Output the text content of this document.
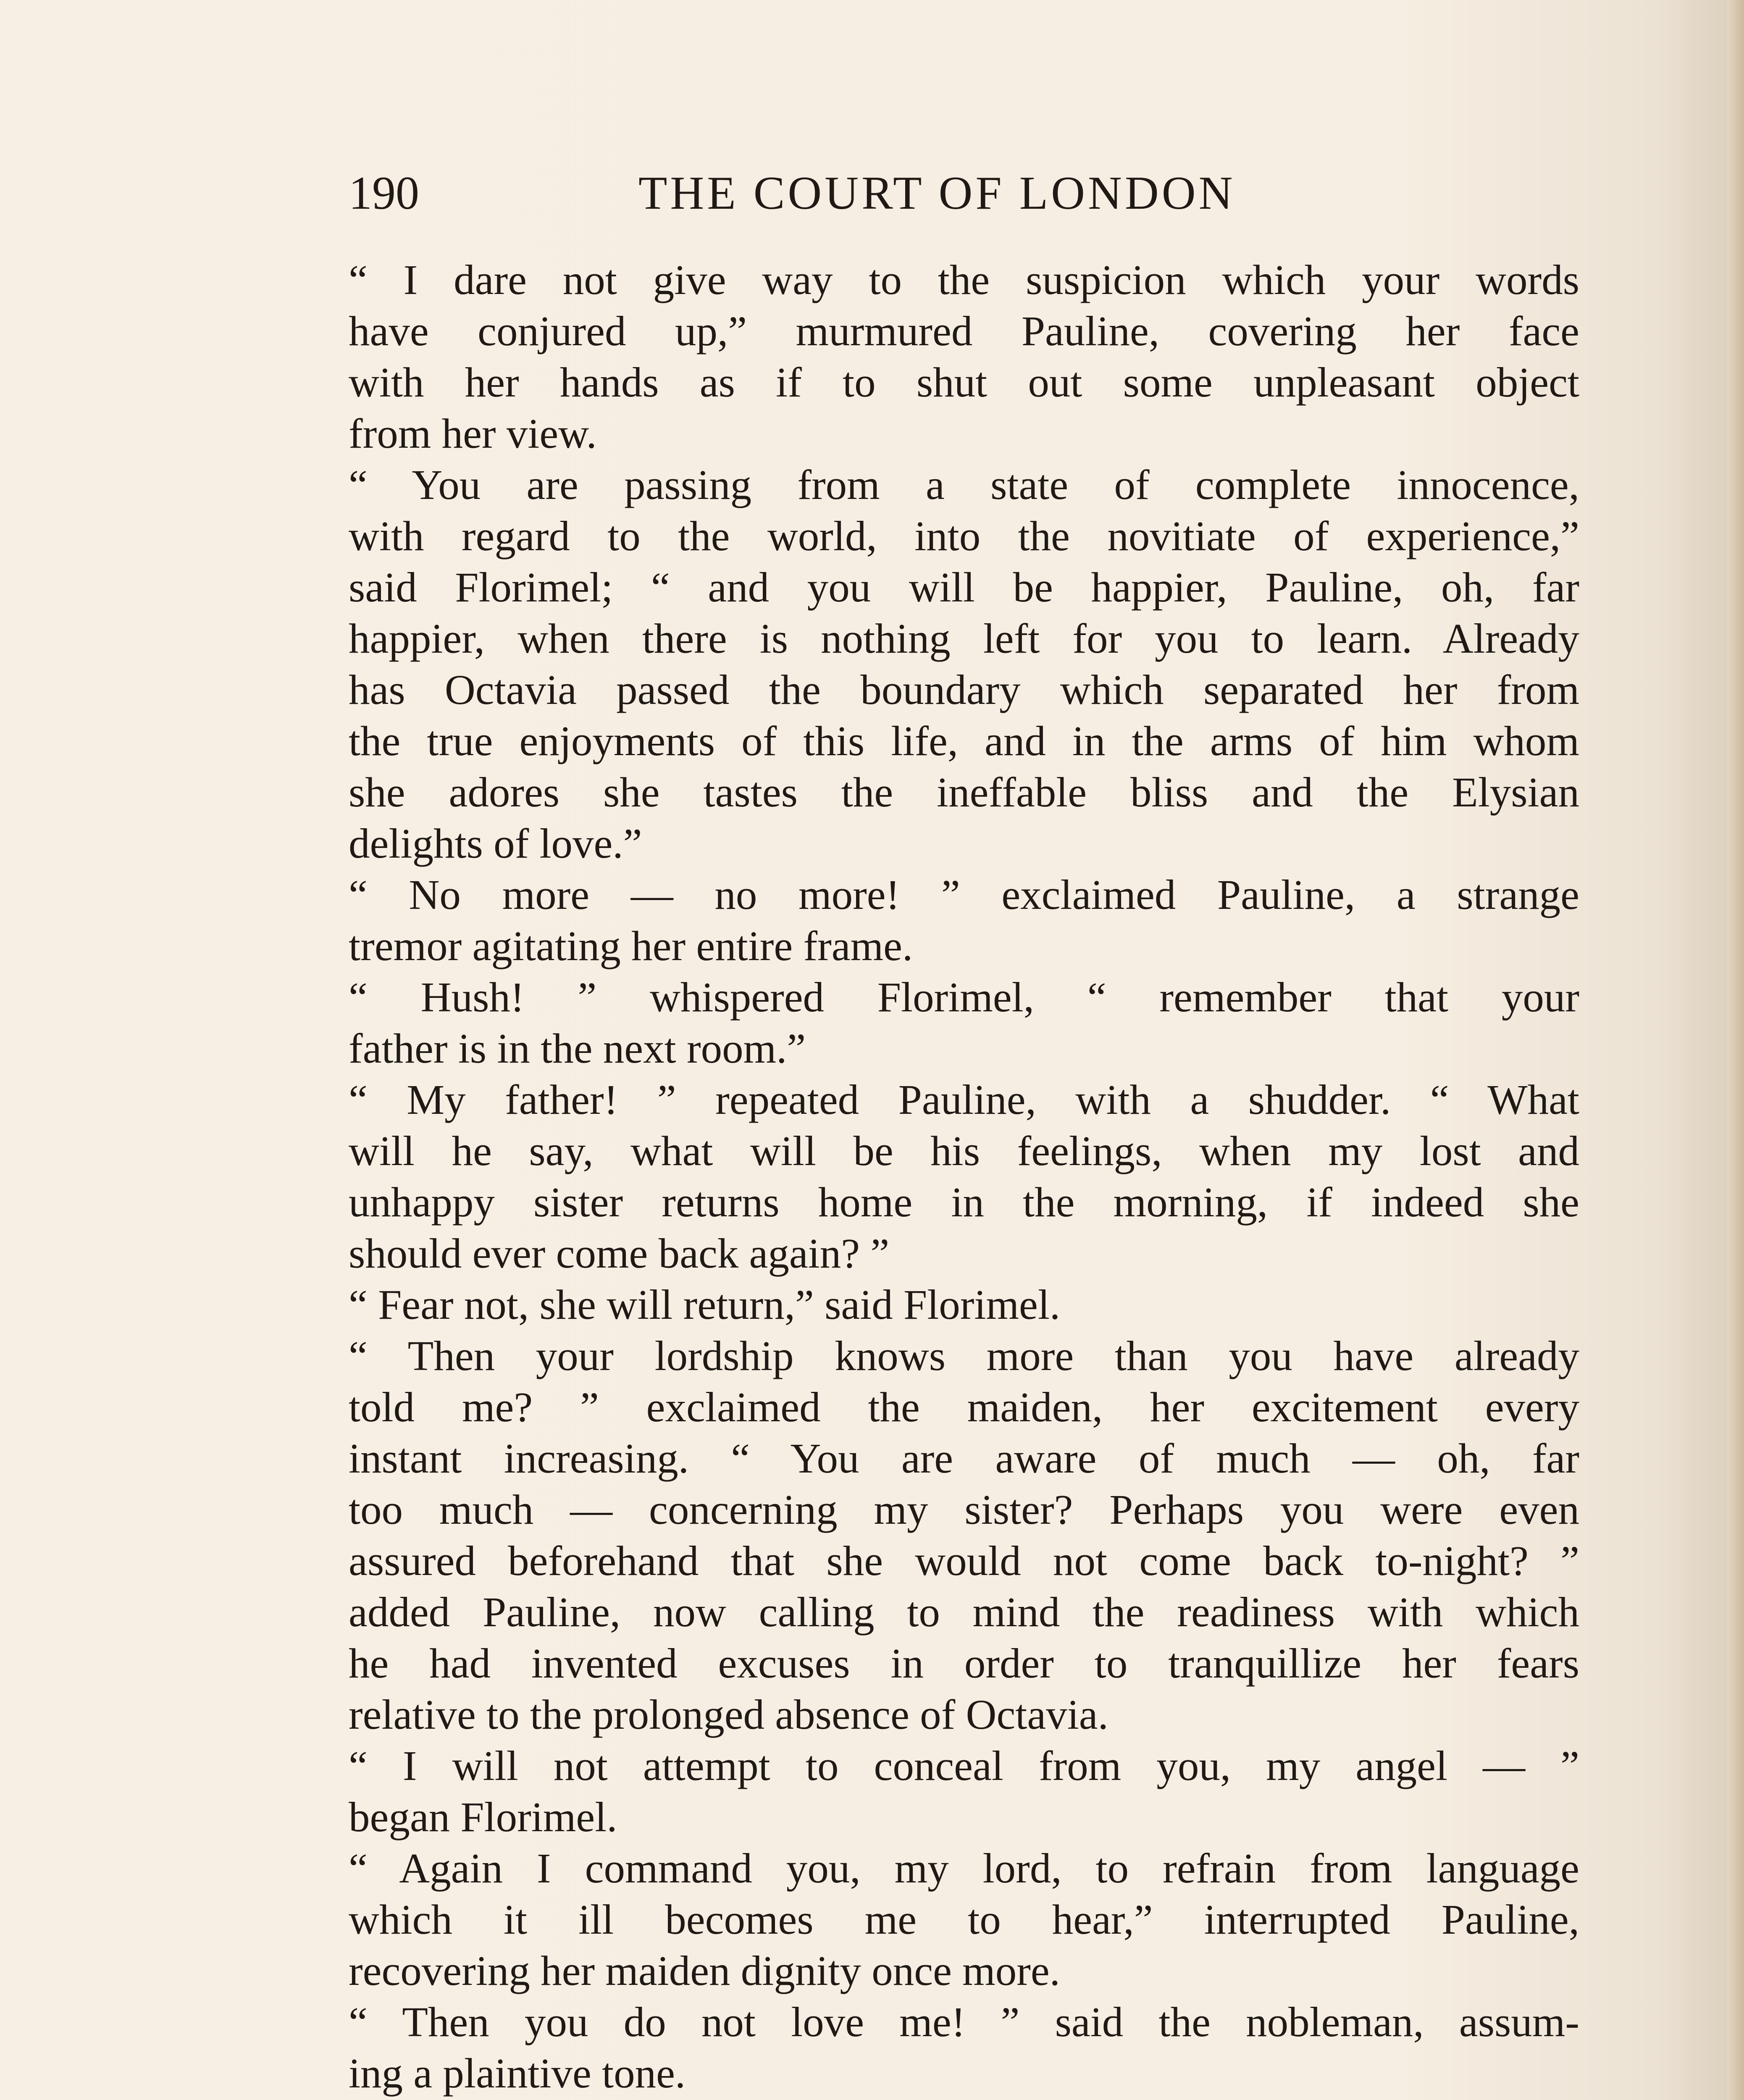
190	THE COURT OF LONDON
“ I dare not give way to the suspicion which your words
have conjured up,” murmured Pauline, covering her face
with her hands as if to shut out some unpleasant object
from her view.
“ You are passing from a state of complete innocence,
with regard to the world, into the novitiate of experience,”
said Florimel; “ and you will be happier, Pauline, oh, far
happier, when there is nothing left for you to learn. Already
has Octavia passed the boundary which separated her from
the true enjoyments of this life, and in the arms of him whom
she adores she tastes the ineffable bliss and the Elysian
delights of love.”
“ No more — no more! ” exclaimed Pauline, a strange
tremor agitating her entire frame.
“ Hush! ” whispered Florimel, “ remember that your
father is in the next room.”
“ My father! ” repeated Pauline, with a shudder. “ What
will he say, what will be his feelings, when my lost and
unhappy sister returns home in the morning, if indeed she
should ever come back again? ”
“ Fear not, she will return,” said Florimel.
“ Then your lordship knows more than you have already
told me? ” exclaimed the maiden, her excitement every
instant increasing. “ You are aware of much — oh, far
too much — concerning my sister? Perhaps you were even
assured beforehand that she would not come back to-night? ”
added Pauline, now calling to mind the readiness with which
he had invented excuses in order to tranquillize her fears
relative to the prolonged absence of Octavia.
“ I will not attempt to conceal from you, my angel — ”
began Florimel.
“ Again I command you, my lord, to refrain from language
which it ill becomes me to hear,” interrupted Pauline,
recovering her maiden dignity once more.
“ Then you do not love me! ” said the nobleman, assum-
ing a plaintive tone.
